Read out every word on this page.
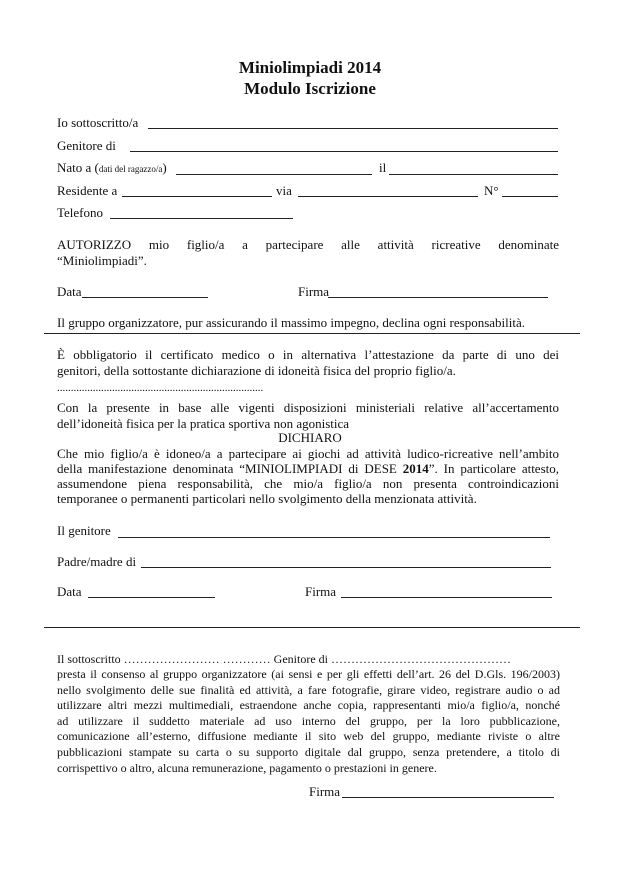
Miniolimpiadi 2014
Modulo Iscrizione
Io sottoscritto/a
Genitore di
Nato a (dati del ragazzo/a)	il
Residente a	via	N°
Telefono
AUTORIZZO mio figlio/a a partecipare alle attività ricreative denominate
“Miniolimpiadi”.
Data	Firma
Il gruppo organizzatore, pur assicurando il massimo impegno, declina ogni responsabilità.
È obbligatorio il certificato medico o in alternativa l’attestazione da parte di uno dei
genitori, della sottostante dichiarazione di idoneità fisica del proprio figlio/a.
...........................................................................
Con la presente in base alle vigenti disposizioni ministeriali relative all’accertamento
dell’idoneità fisica per la pratica sportiva non agonistica
DICHIARO
Che mio figlio/a è idoneo/a a partecipare ai giochi ad attività ludico-ricreative nell’ambito
della manifestazione denominata “MINIOLIMPIADI di DESE 2014”. In particolare attesto,
assumendone piena responsabilità, che mio/a figlio/a non presenta controindicazioni
temporanee o permanenti particolari nello svolgimento della menzionata attività.
Il genitore
Padre/madre di
Data	Firma
Il sottoscritto …………………… ………… Genitore di ………………………………………
presta il consenso al gruppo organizzatore (ai sensi e per gli effetti dell’art. 26 del D.Gls. 196/2003)
nello svolgimento delle sue finalità ed attività, a fare fotografie, girare video, registrare audio o ad
utilizzare altri mezzi multimediali, estraendone anche copia, rappresentanti mio/a figlio/a, nonché
ad utilizzare il suddetto materiale ad uso interno del gruppo, per la loro pubblicazione,
comunicazione all’esterno, diffusione mediante il sito web del gruppo, mediante riviste o altre
pubblicazioni stampate su carta o su supporto digitale dal gruppo, senza pretendere, a titolo di
corrispettivo o altro, alcuna remunerazione, pagamento o prestazioni in genere.
Firma
